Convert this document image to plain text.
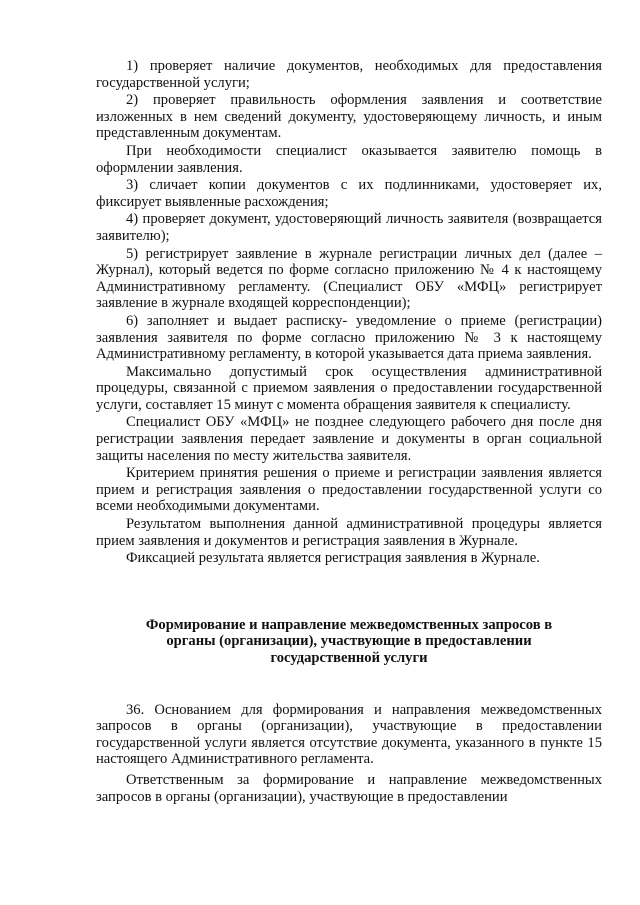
1) проверяет наличие документов, необходимых для предоставления государственной услуги;

2) проверяет правильность оформления заявления и соответствие изложенных в нем сведений документу, удостоверяющему личность, и иным представленным документам.

При необходимости специалист оказывается заявителю помощь в оформлении заявления.

3) сличает копии документов с их подлинниками, удостоверяет их, фиксирует выявленные расхождения;

4) проверяет документ, удостоверяющий личность заявителя (возвращается заявителю);

5) регистрирует заявление в журнале регистрации личных дел (далее – Журнал), который ведется по форме согласно приложению № 4 к настоящему Административному регламенту. (Специалист ОБУ «МФЦ» регистрирует заявление в журнале входящей корреспонденции);

6) заполняет и выдает расписку- уведомление о приеме (регистрации) заявления заявителя по форме согласно приложению № 3 к настоящему Административному регламенту, в которой указывается дата приема заявления.

Максимально допустимый срок осуществления административной процедуры, связанной с приемом заявления о предоставлении государственной услуги, составляет 15 минут с момента обращения заявителя к специалисту.

Специалист ОБУ «МФЦ» не позднее следующего рабочего дня после дня регистрации заявления передает заявление и документы в орган социальной защиты населения по месту жительства заявителя.

Критерием принятия решения о приеме и регистрации заявления является прием и регистрация заявления о предоставлении государственной услуги со всеми необходимыми документами.

Результатом выполнения данной административной процедуры является прием заявления и документов и регистрация заявления в Журнале.

Фиксацией результата является регистрация заявления в Журнале.

Формирование и направление межведомственных запросов в
органы (организации), участвующие в предоставлении
государственной услуги

36. Основанием для формирования и направления межведомственных запросов в органы (организации), участвующие в предоставлении государственной услуги является отсутствие документа, указанного в пункте 15 настоящего Административного регламента.

Ответственным за формирование и направление межведомственных запросов в органы (организации), участвующие в предоставлении
